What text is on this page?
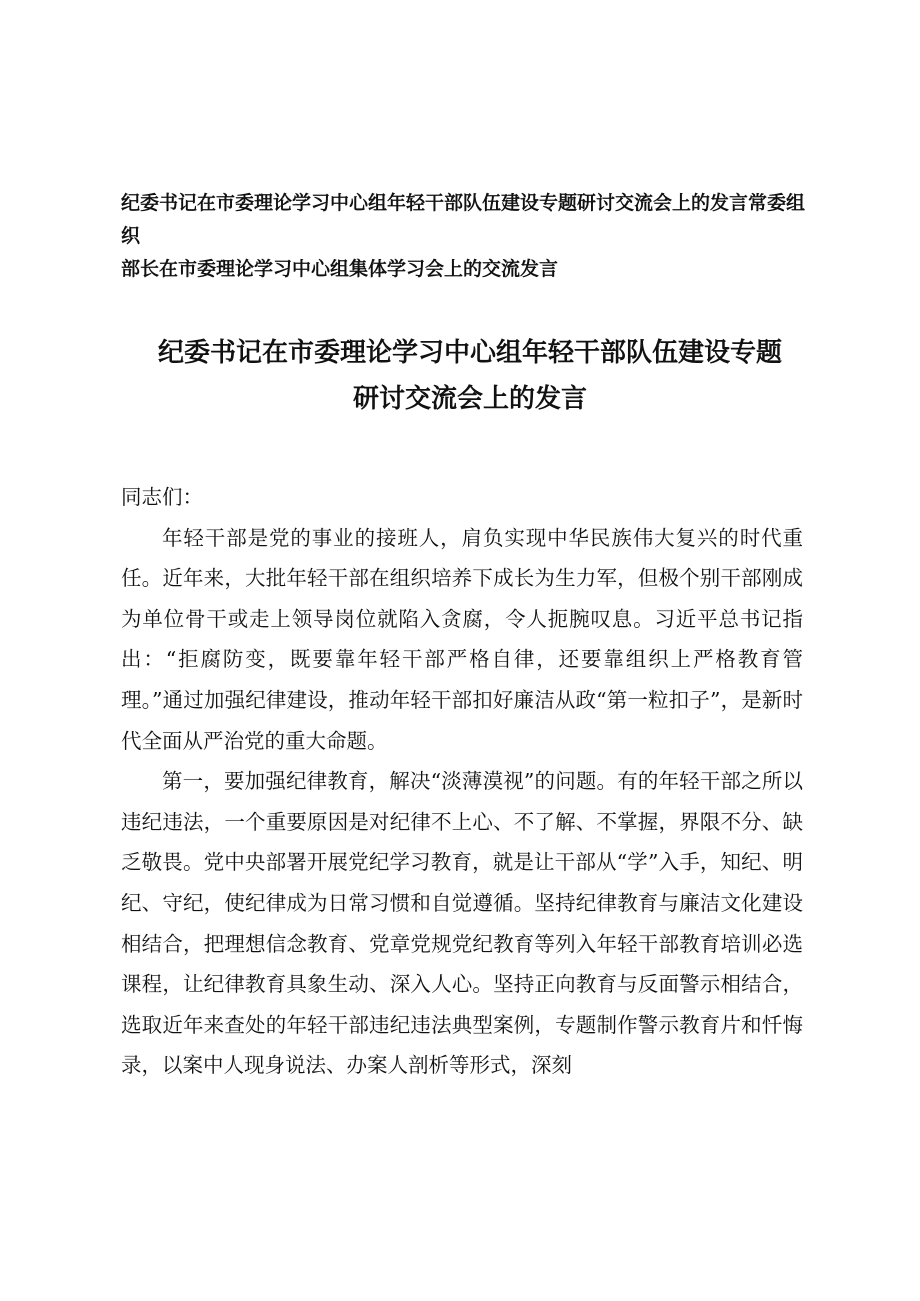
纪委书记在市委理论学习中心组年轻干部队伍建设专题研讨交流会上的发言常委组织
部长在市委理论学习中心组集体学习会上的交流发言
纪委书记在市委理论学习中心组年轻干部队伍建设专题
研讨交流会上的发言

同志们：

年轻干部是党的事业的接班人，肩负实现中华民族伟大复兴的时代重任。近年来，大批年轻干部在组织培养下成长为生力军，但极个别干部刚成为单位骨干或走上领导岗位就陷入贪腐，令人扼腕叹息。习近平总书记指出：“拒腐防变，既要靠年轻干部严格自律，还要靠组织上严格教育管理。”通过加强纪律建设，推动年轻干部扣好廉洁从政“第一粒扣子”，是新时代全面从严治党的重大命题。

第一，要加强纪律教育，解决“淡薄漠视”的问题。有的年轻干部之所以违纪违法，一个重要原因是对纪律不上心、不了解、不掌握，界限不分、缺乏敬畏。党中央部署开展党纪学习教育，就是让干部从“学”入手，知纪、明纪、守纪，使纪律成为日常习惯和自觉遵循。坚持纪律教育与廉洁文化建设相结合，把理想信念教育、党章党规党纪教育等列入年轻干部教育培训必选课程，让纪律教育具象生动、深入人心。坚持正向教育与反面警示相结合，选取近年来查处的年轻干部违纪违法典型案例，专题制作警示教育片和忏悔录，以案中人现身说法、办案人剖析等形式，深刻
